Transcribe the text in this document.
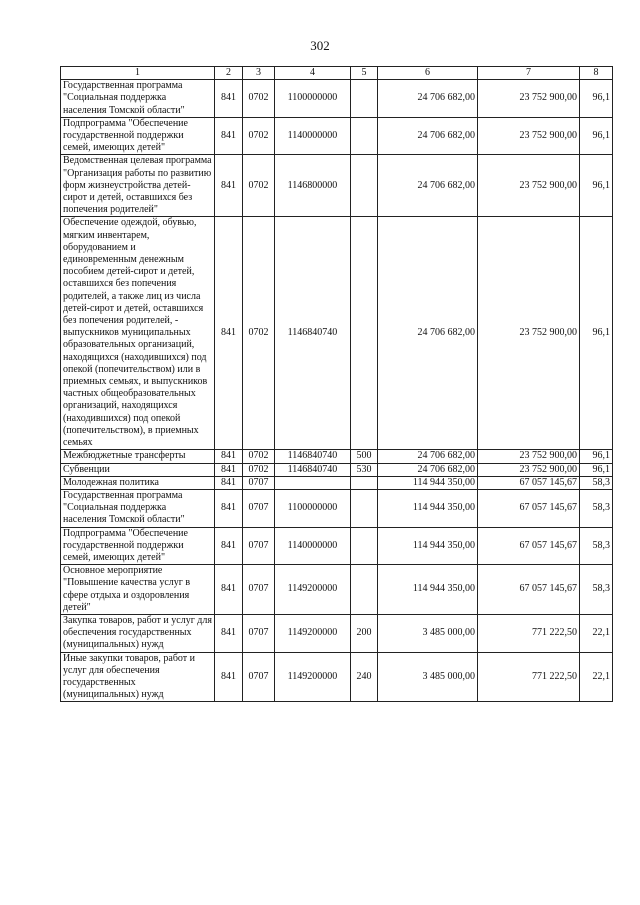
302
1	2	3	4	5	6	7	8
Государственная программа "Социальная поддержка населения Томской области"	841	0702	1100000000		24 706 682,00	23 752 900,00	96,1
Подпрограмма "Обеспечение государственной поддержки семей, имеющих детей"	841	0702	1140000000		24 706 682,00	23 752 900,00	96,1
Ведомственная целевая программа "Организация работы по развитию форм жизнеустройства детей-сирот и детей, оставшихся без попечения родителей"	841	0702	1146800000		24 706 682,00	23 752 900,00	96,1
Обеспечение одеждой, обувью, мягким инвентарем, оборудованием и единовременным денежным пособием детей-сирот и детей, оставшихся без попечения родителей, а также лиц из числа детей-сирот и детей, оставшихся без попечения родителей, - выпускников муниципальных образовательных организаций, находящихся (находившихся) под опекой (попечительством) или в приемных семьях, и выпускников частных общеобразовательных организаций, находящихся (находившихся) под опекой (попечительством), в приемных семьях	841	0702	1146840740		24 706 682,00	23 752 900,00	96,1
Межбюджетные трансферты	841	0702	1146840740	500	24 706 682,00	23 752 900,00	96,1
Субвенции	841	0702	1146840740	530	24 706 682,00	23 752 900,00	96,1
Молодежная политика	841	0707			114 944 350,00	67 057 145,67	58,3
Государственная программа "Социальная поддержка населения Томской области"	841	0707	1100000000		114 944 350,00	67 057 145,67	58,3
Подпрограмма "Обеспечение государственной поддержки семей, имеющих детей"	841	0707	1140000000		114 944 350,00	67 057 145,67	58,3
Основное мероприятие "Повышение качества услуг в сфере отдыха и оздоровления детей"	841	0707	1149200000		114 944 350,00	67 057 145,67	58,3
Закупка товаров, работ и услуг для обеспечения государственных (муниципальных) нужд	841	0707	1149200000	200	3 485 000,00	771 222,50	22,1
Иные закупки товаров, работ и услуг для обеспечения государственных (муниципальных) нужд	841	0707	1149200000	240	3 485 000,00	771 222,50	22,1
